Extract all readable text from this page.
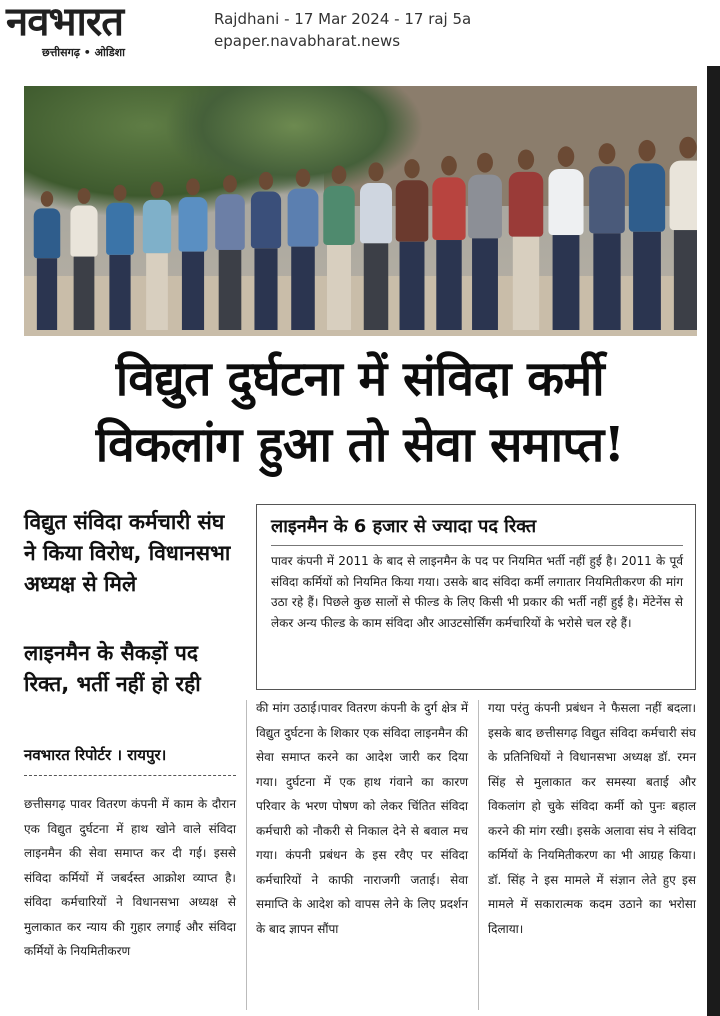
नवभारत
छत्तीसगढ़ • ओडिशा
Rajdhani - 17 Mar 2024 - 17 raj 5a
epaper.navabharat.news
विद्युत दुर्घटना में संविदा कर्मी
विकलांग हुआ तो सेवा समाप्त!
विद्युत संविदा कर्मचारी संघ ने किया विरोध, विधानसभा अध्यक्ष से मिले
लाइनमैन के सैकड़ों पद रिक्त, भर्ती नहीं हो रही
नवभारत रिपोर्टर । रायपुर।
लाइनमैन के 6 हजार से ज्यादा पद रिक्त

पावर कंपनी में 2011 के बाद से लाइनमैन के पद पर नियमित भर्ती नहीं हुई है। 2011 के पूर्व संविदा कर्मियों को नियमित किया गया। उसके बाद संविदा कर्मी लगातार नियमितीकरण की मांग उठा रहे हैं। पिछले कुछ सालों से फील्ड के लिए किसी भी प्रकार की भर्ती नहीं हुई है। मेंटेनेंस से लेकर अन्य फील्ड के काम संविदा और आउटसोर्सिंग कर्मचारियों के भरोसे चल रहे हैं।

छत्तीसगढ़ पावर वितरण कंपनी में काम के दौरान एक विद्युत दुर्घटना में हाथ खोने वाले संविदा लाइनमैन की सेवा समाप्त कर दी गई। इससे संविदा कर्मियों में जबर्दस्त आक्रोश व्याप्त है। संविदा कर्मचारियों ने विधानसभा अध्यक्ष से मुलाकात कर न्याय की गुहार लगाई और संविदा कर्मियों के नियमितीकरण

की मांग उठाई।पावर वितरण कंपनी के दुर्ग क्षेत्र में विद्युत दुर्घटना के शिकार एक संविदा लाइनमैन की सेवा समाप्त करने का आदेश जारी कर दिया गया। दुर्घटना में एक हाथ गंवाने का कारण परिवार के भरण पोषण को लेकर चिंतित संविदा कर्मचारी को नौकरी से निकाल देने से बवाल मच गया। कंपनी प्रबंधन के इस रवैए पर संविदा कर्मचारियों ने काफी नाराजगी जताई। सेवा समाप्ति के आदेश को वापस लेने के लिए प्रदर्शन के बाद ज्ञापन सौंपा

गया परंतु कंपनी प्रबंधन ने फैसला नहीं बदला। इसके बाद छत्तीसगढ़ विद्युत संविदा कर्मचारी संघ के प्रतिनिधियों ने विधानसभा अध्यक्ष डॉ. रमन सिंह से मुलाकात कर समस्या बताई और विकलांग हो चुके संविदा कर्मी को पुनः बहाल करने की मांग रखी। इसके अलावा संघ ने संविदा कर्मियों के नियमितीकरण का भी आग्रह किया। डॉ. सिंह ने इस मामले में संज्ञान लेते हुए इस मामले में सकारात्मक कदम उठाने का भरोसा दिलाया।
